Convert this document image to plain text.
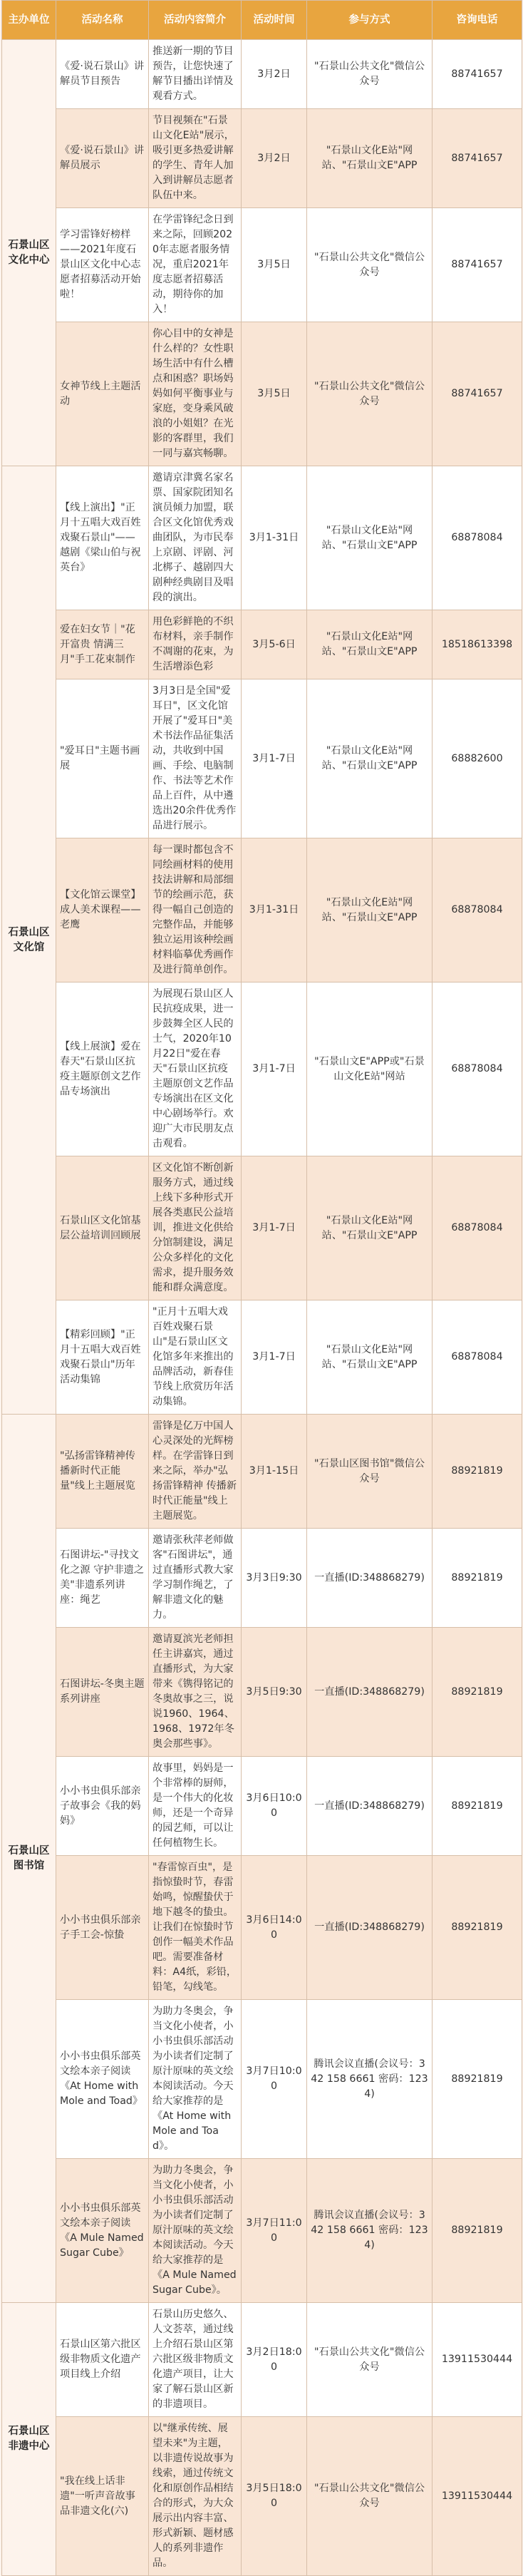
主办单位	活动名称	活动内容简介	活动时间	参与方式	咨询电话
石景山区文化中心	《爱·说石景山》讲解员节目预告	推送新一期的节目预告，让您快速了解节目播出详情及观看方式。	3月2日	"石景山公共文化"微信公众号	88741657
	《爱·说石景山》讲解员展示	节目视频在"石景山文化E站"展示，吸引更多热爱讲解的学生、青年人加入到讲解员志愿者队伍中来。	3月2日	"石景山文化E站"网站、"石景山文E"APP	88741657
	学习雷锋好榜样——2021年度石景山区文化中心志愿者招募活动开始啦！	在学雷锋纪念日到来之际，回顾2020年志愿者服务情况，重启2021年度志愿者招募活动，期待你的加入！	3月5日	"石景山公共文化"微信公众号	88741657
	女神节线上主题活动	你心目中的女神是什么样的？女性职场生活中有什么槽点和困惑？职场妈妈如何平衡事业与家庭，变身乘风破浪的小姐姐？在光影的客群里，我们一同与嘉宾畅聊。	3月5日	"石景山公共文化"微信公众号	88741657
石景山区文化馆	【线上演出】"正月十五唱大戏百姓戏聚石景山"——越剧《梁山伯与祝英台》	邀请京津冀名家名票、国家院团知名演员倾力加盟，联合区文化馆优秀戏曲团队，为市民奉上京剧、评剧、河北梆子、越剧四大剧种经典剧目及唱段的演出。	3月1-31日	"石景山文化E站"网站、"石景山文E"APP	68878084
	爱在妇女节｜"花开富贵 情满三月"手工花束制作	用色彩鲜艳的不织布材料，亲手制作不凋谢的花束，为生活增添色彩	3月5-6日	"石景山文化E站"网站、"石景山文E"APP	18518613398
	"爱耳日"主题书画展	3月3日是全国"爱耳日"，区文化馆开展了"爱耳日"美术书法作品征集活动，共收到中国画、手绘、电脑制作、书法等艺术作品上百件，从中遴选出20余件优秀作品进行展示。	3月1-7日	"石景山文化E站"网站、"石景山文E"APP	68882600
	【文化馆云课堂】成人美术课程——老鹰	每一课时都包含不同绘画材料的使用技法讲解和局部细节的绘画示范，获得一幅自己创造的完整作品，并能够独立运用该种绘画材料临摹优秀画作及进行简单创作。	3月1-31日	"石景山文化E站"网站、"石景山文E"APP	68878084
	【线上展演】爱在春天"石景山区抗疫主题原创文艺作品专场演出	为展现石景山区人民抗疫成果，进一步鼓舞全区人民的士气，2020年10月22日"爱在春天"石景山区抗疫主题原创文艺作品专场演出在区文化中心剧场举行。欢迎广大市民朋友点击观看。	3月1-7日	"石景山文E"APP或"石景山文化E站"网站	68878084
	石景山区文化馆基层公益培训回顾展	区文化馆不断创新服务方式，通过线上线下多种形式开展各类惠民公益培训，推进文化供给分馆制建设，满足公众多样化的文化需求，提升服务效能和群众满意度。	3月1-7日	"石景山文化E站"网站、"石景山文E"APP	68878084
	【精彩回顾】"正月十五唱大戏百姓戏聚石景山"历年活动集锦	"正月十五唱大戏 百姓戏聚石景山"是石景山区文化馆多年来推出的品牌活动，新春佳节线上欣赏历年活动集锦。	3月1-7日	"石景山文化E站"网站、"石景山文E"APP	68878084
石景山区图书馆	"弘扬雷锋精神传播新时代正能量"线上主题展览	雷锋是亿万中国人心灵深处的光辉榜样。在学雷锋日到来之际，举办"弘扬雷锋精神 传播新时代正能量"线上主题展览。	3月1-15日	"石景山区图书馆"微信公众号	88921819
	石图讲坛-"寻找文化之源 守护非遗之美"非遗系列讲座：绳艺	邀请张秋萍老师做客"石图讲坛"，通过直播形式教大家学习制作绳艺，了解非遗文化的魅力。	3月3日9:30	一直播(ID:348868279)	88921819
	石图讲坛-冬奥主题系列讲座	邀请夏滨光老师担任主讲嘉宾，通过直播形式，为大家带来《镌得铭记的冬奥故事之三，说说1960、1964、1968、1972年冬奥会那些事》。	3月5日9:30	一直播(ID:348868279)	88921819
	小小书虫俱乐部亲子故事会《我的妈妈》	故事里，妈妈是一个非常棒的厨师，是一个伟大的化妆师，还是一个奇异的园艺师，可以让任何植物生长。	3月6日10:00	一直播(ID:348868279)	88921819
	小小书虫俱乐部亲子手工会-惊蛰	"春雷惊百虫"，是指惊蛰时节，春雷始鸣，惊醒蛰伏于地下越冬的蛰虫。让我们在惊蛰时节创作一幅美术作品吧。需要准备材料：A4纸，彩铅，铅笔，勾线笔。	3月6日14:00	一直播(ID:348868279)	88921819
	小小书虫俱乐部英文绘本亲子阅读《At Home with Mole and Toad》	为助力冬奥会，争当文化小使者，小小书虫俱乐部活动为小读者们定制了原汁原味的英文绘本阅读活动。今天给大家推荐的是《At Home with Mole and Toad》。	3月7日10:00	腾讯会议直播(会议号：342 158 6661 密码：1234)	88921819
	小小书虫俱乐部英文绘本亲子阅读《A Mule Named Sugar Cube》	为助力冬奥会，争当文化小使者，小小书虫俱乐部活动为小读者们定制了原汁原味的英文绘本阅读活动。今天给大家推荐的是《A Mule Named Sugar Cube》。	3月7日11:00	腾讯会议直播(会议号：342 158 6661 密码：1234)	88921819
石景山区非遗中心	石景山区第六批区级非物质文化遗产项目线上介绍	石景山历史悠久、人文荟萃，通过线上介绍石景山区第六批区级非物质文化遗产项目，让大家了解石景山区新的非遗项目。	3月2日18:00	"石景山公共文化"微信公众号	13911530444
	"我在线上话非遗"一听声音故事品非遗文化(六)	以"继承传统、展望未来"为主题，以非遗传说故事为线索，通过传统文化和原创作品相结合的形式，为大众展示出内容丰富、形式新颖、题材感人的系列非遗作品。	3月5日18:00	"石景山公共文化"微信公众号	13911530444
